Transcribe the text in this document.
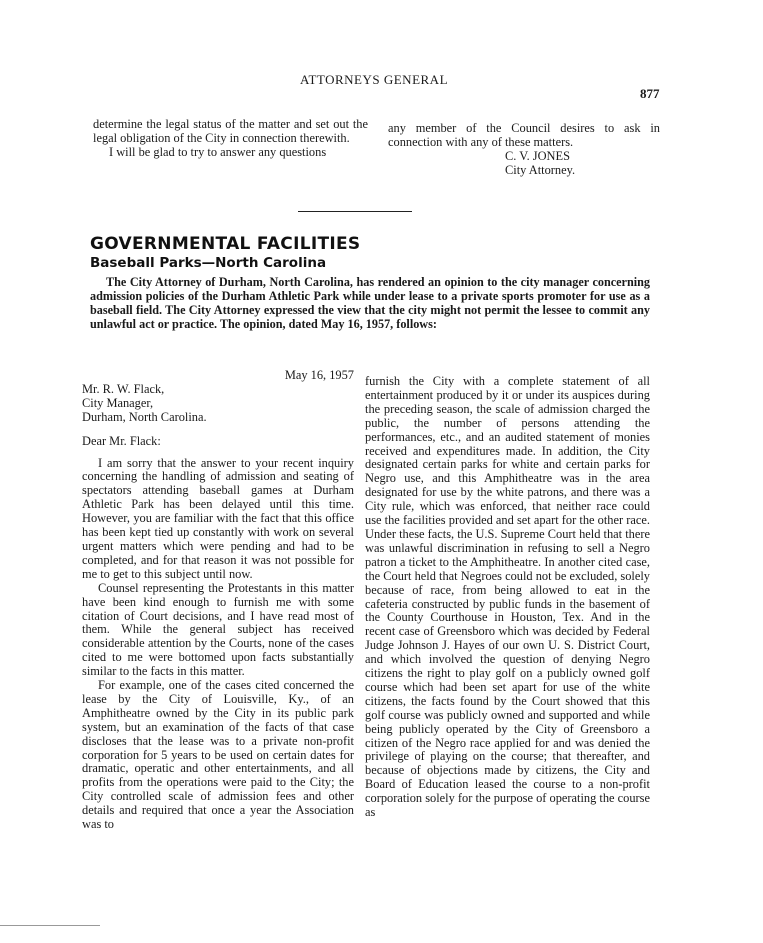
ATTORNEYS GENERAL
877

determine the legal status of the matter and set out the legal obligation of the City in connection therewith.

I will be glad to try to answer any questions

any member of the Council desires to ask in connection with any of these matters.

C. V. JONES

City Attorney.

GOVERNMENTAL FACILITIES
Baseball Parks—North Carolina
The City Attorney of Durham, North Carolina, has rendered an opinion to the city manager concerning admission policies of the Durham Athletic Park while under lease to a private sports promoter for use as a baseball field. The City Attorney expressed the view that the city might not permit the lessee to commit any unlawful act or practice. The opinion, dated May 16, 1957, follows:

May 16, 1957

Mr. R. W. Flack,

City Manager,

Durham, North Carolina.

Dear Mr. Flack:

I am sorry that the answer to your recent inquiry concerning the handling of admission and seating of spectators attending baseball games at Durham Athletic Park has been delayed until this time. However, you are familiar with the fact that this office has been kept tied up constantly with work on several urgent matters which were pending and had to be completed, and for that reason it was not possible for me to get to this subject until now.

Counsel representing the Protestants in this matter have been kind enough to furnish me with some citation of Court decisions, and I have read most of them. While the general subject has received considerable attention by the Courts, none of the cases cited to me were bottomed upon facts substantially similar to the facts in this matter.

For example, one of the cases cited concerned the lease by the City of Louisville, Ky., of an Amphitheatre owned by the City in its public park system, but an examination of the facts of that case discloses that the lease was to a private non-profit corporation for 5 years to be used on certain dates for dramatic, operatic and other entertainments, and all profits from the operations were paid to the City; the City controlled scale of admission fees and other details and required that once a year the Association was to

furnish the City with a complete statement of all entertainment produced by it or under its auspices during the preceding season, the scale of admission charged the public, the number of persons attending the performances, etc., and an audited statement of monies received and expenditures made. In addition, the City designated certain parks for white and certain parks for Negro use, and this Amphitheatre was in the area designated for use by the white patrons, and there was a City rule, which was enforced, that neither race could use the facilities provided and set apart for the other race. Under these facts, the U.S. Supreme Court held that there was unlawful discrimination in refusing to sell a Negro patron a ticket to the Amphitheatre. In another cited case, the Court held that Negroes could not be excluded, solely because of race, from being allowed to eat in the cafeteria constructed by public funds in the basement of the County Courthouse in Houston, Tex. And in the recent case of Greensboro which was decided by Federal Judge Johnson J. Hayes of our own U. S. District Court, and which involved the question of denying Negro citizens the right to play golf on a publicly owned golf course which had been set apart for use of the white citizens, the facts found by the Court showed that this golf course was publicly owned and supported and while being publicly operated by the City of Greensboro a citizen of the Negro race applied for and was denied the privilege of playing on the course; that thereafter, and because of objections made by citizens, the City and Board of Education leased the course to a non-profit corporation solely for the purpose of operating the course as
